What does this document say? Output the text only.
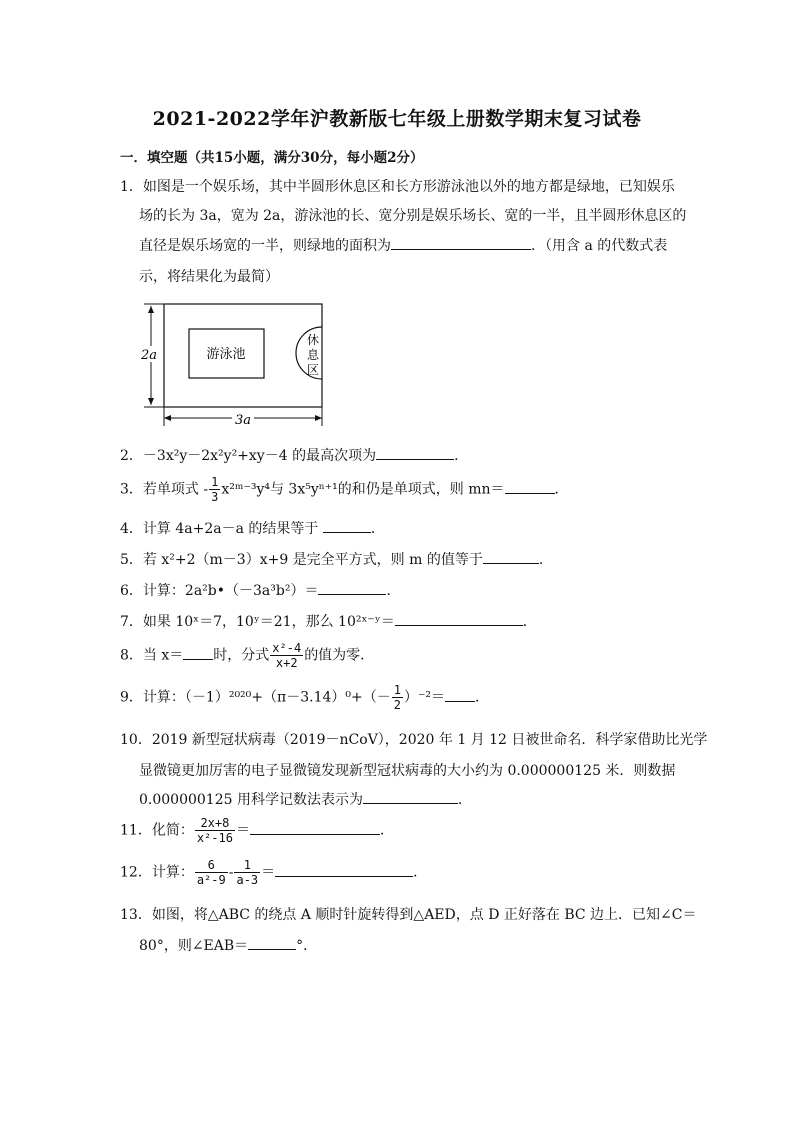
2021-2022学年沪教新版七年级上册数学期末复习试卷
一．填空题（共15小题，满分30分，每小题2分）
1．如图是一个娱乐场，其中半圆形休息区和长方形游泳池以外的地方都是绿地，已知娱乐
场的长为 3a，宽为 2a，游泳池的长、宽分别是娱乐场长、宽的一半，且半圆形休息区的
直径是娱乐场宽的一半，则绿地的面积为	．（用含 a 的代数式表
示，将结果化为最简）
游泳池
休
息
区
2a
3a
2．－3x²y－2x²y²+xy－4 的最高次项为	．
3．若单项式 - $\frac{1}{3}$ x²ᵐ⁻³y⁴与 3x⁵yⁿ⁺¹的和仍是单项式，则 mn＝	．
4．计算 4a+2a－a 的结果等于	．
5．若 x²+2（m－3）x+9 是完全平方式，则 m 的值等于	．
6．计算：2a²b•（－3a³b²）＝	．
7．如果 10ˣ＝7，10ʸ＝21，那么 10²ˣ⁻ʸ＝	．
8．当 x＝ 时，分式 $\frac{\text{x²-4}}{x+2}$ 的值为零．
9．计算：$(-1)^{2020}+(\pi-3.14)^0+(- \frac{1}{2} )^{-2}=$ ．
10．2019 新型冠状病毒（2019－nCoV），2020 年 1 月 12 日被世命名．科学家借助比光学
显微镜更加厉害的电子显微镜发现新型冠状病毒的大小约为 0.000000125 米．则数据
0.000000125 用科学记数法表示为	．
11．化简： $\frac{2x+8}{\text{x²-16}}$ ＝	．
12．计算： $\frac{6}{\text{a²-9}} - \frac{1}{a-3}$ ＝	．
13．如图，将△ABC 的绕点 A 顺时针旋转得到△AED，点 D 正好落在 BC 边上．已知∠C＝
80°，则∠EAB＝	°．
